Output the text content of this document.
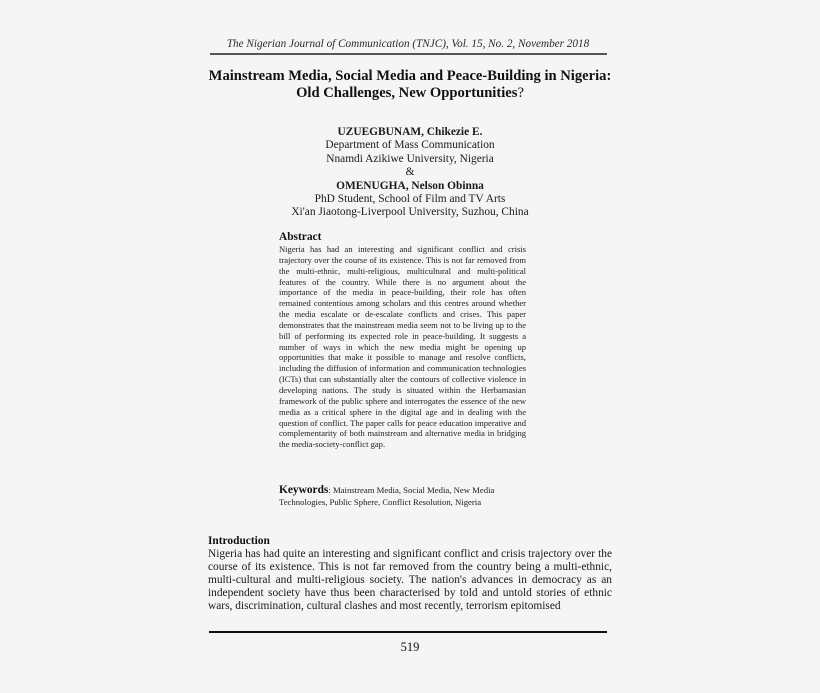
The Nigerian Journal of Communication (TNJC), Vol. 15, No. 2, November 2018
Mainstream Media, Social Media and Peace-Building in Nigeria:
Old Challenges, New Opportunities?
UZUEGBUNAM, Chikezie E.
Department of Mass Communication
Nnamdi Azikiwe University, Nigeria
&
OMENUGHA, Nelson Obinna
PhD Student, School of Film and TV Arts
Xi'an Jiaotong-Liverpool University, Suzhou, China
Abstract

Nigeria has had an interesting and significant conflict and crisis trajectory over the course of its existence. This is not far removed from the multi-ethnic, multi-religious, multicultural and multi-political features of the country. While there is no argument about the importance of the media in peace-building, their role has often remained contentious among scholars and this centres around whether the media escalate or de-escalate conflicts and crises. This paper demonstrates that the mainstream media seem not to be living up to the bill of performing its expected role in peace-building. It suggests a number of ways in which the new media might be opening up opportunities that make it possible to manage and resolve conflicts, including the diffusion of information and communication technologies (ICTs) that can substantially alter the contours of collective violence in developing nations. The study is situated within the Herbamasian framework of the public sphere and interrogates the essence of the new media as a critical sphere in the digital age and in dealing with the question of conflict. The paper calls for peace education imperative and complementarity of both mainstream and alternative media in bridging the media-society-conflict gap.

Keywords: Mainstream Media, Social Media, New Media Technologies, Public Sphere, Conflict Resolution, Nigeria
Introduction

Nigeria has had quite an interesting and significant conflict and crisis trajectory over the course of its existence. This is not far removed from the country being a multi-ethnic, multi-cultural and multi-religious society. The nation's advances in democracy as an independent society have thus been characterised by told and untold stories of ethnic wars, discrimination, cultural clashes and most recently, terrorism epitomised

519
